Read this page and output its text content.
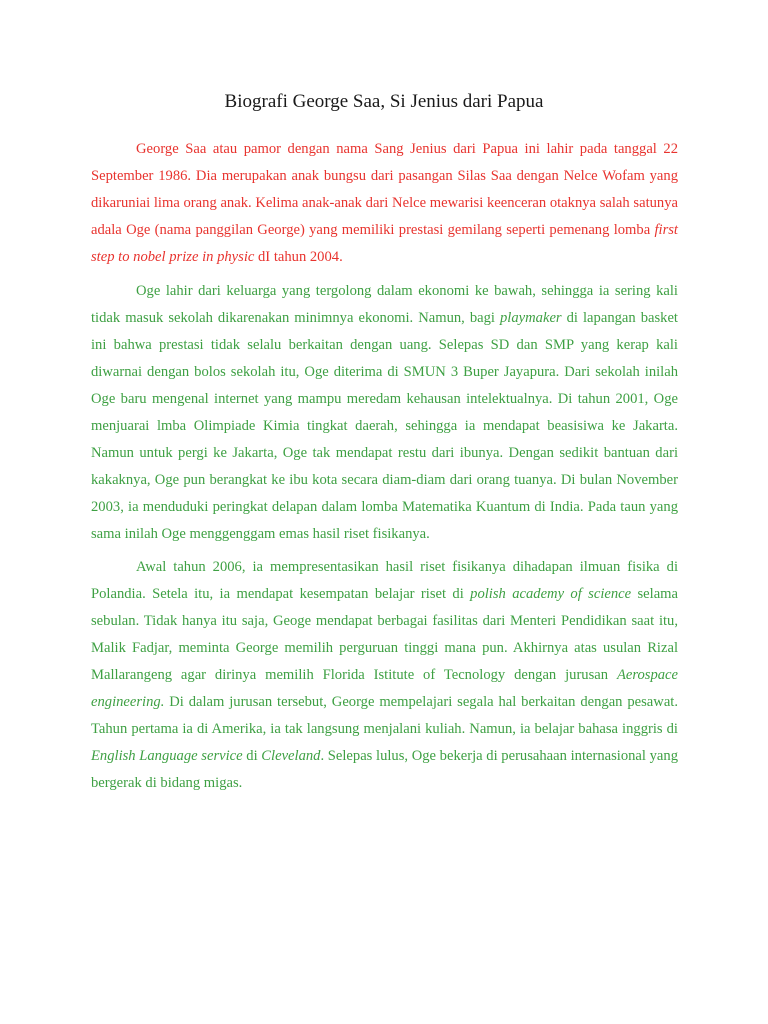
Biografi George Saa, Si Jenius dari Papua

George Saa atau pamor dengan nama Sang Jenius dari Papua ini lahir pada tanggal 22 September 1986. Dia merupakan anak bungsu dari pasangan Silas Saa dengan Nelce Wofam yang dikaruniai lima orang anak. Kelima anak-anak dari Nelce mewarisi keenceran otaknya salah satunya adala Oge (nama panggilan George) yang memiliki prestasi gemilang seperti pemenang lomba first step to nobel prize in physic dI tahun 2004.

Oge lahir dari keluarga yang tergolong dalam ekonomi ke bawah, sehingga ia sering kali tidak masuk sekolah dikarenakan minimnya ekonomi. Namun, bagi playmaker di lapangan basket ini bahwa prestasi tidak selalu berkaitan dengan uang. Selepas SD dan SMP yang kerap kali diwarnai dengan bolos sekolah itu, Oge diterima di SMUN 3 Buper Jayapura. Dari sekolah inilah Oge baru mengenal internet yang mampu meredam kehausan intelektualnya. Di tahun 2001, Oge menjuarai lmba Olimpiade Kimia tingkat daerah, sehingga ia mendapat beasisiwa ke Jakarta. Namun untuk pergi ke Jakarta, Oge tak mendapat restu dari ibunya. Dengan sedikit bantuan dari kakaknya, Oge pun berangkat ke ibu kota secara diam-diam dari orang tuanya. Di bulan November 2003, ia menduduki peringkat delapan dalam lomba Matematika Kuantum di India. Pada taun yang sama inilah Oge menggenggam emas hasil riset fisikanya.

Awal tahun 2006, ia mempresentasikan hasil riset fisikanya dihadapan ilmuan fisika di Polandia. Setela itu, ia mendapat kesempatan belajar riset di polish academy of science selama sebulan. Tidak hanya itu saja, Geoge mendapat berbagai fasilitas dari Menteri Pendidikan saat itu, Malik Fadjar, meminta George memilih perguruan tinggi mana pun. Akhirnya atas usulan Rizal Mallarangeng agar dirinya memilih Florida Istitute of Tecnology dengan jurusan Aerospace engineering. Di dalam jurusan tersebut, George mempelajari segala hal berkaitan dengan pesawat. Tahun pertama ia di Amerika, ia tak langsung menjalani kuliah. Namun, ia belajar bahasa inggris di English Language service di Cleveland. Selepas lulus, Oge bekerja di perusahaan internasional yang bergerak di bidang migas.
